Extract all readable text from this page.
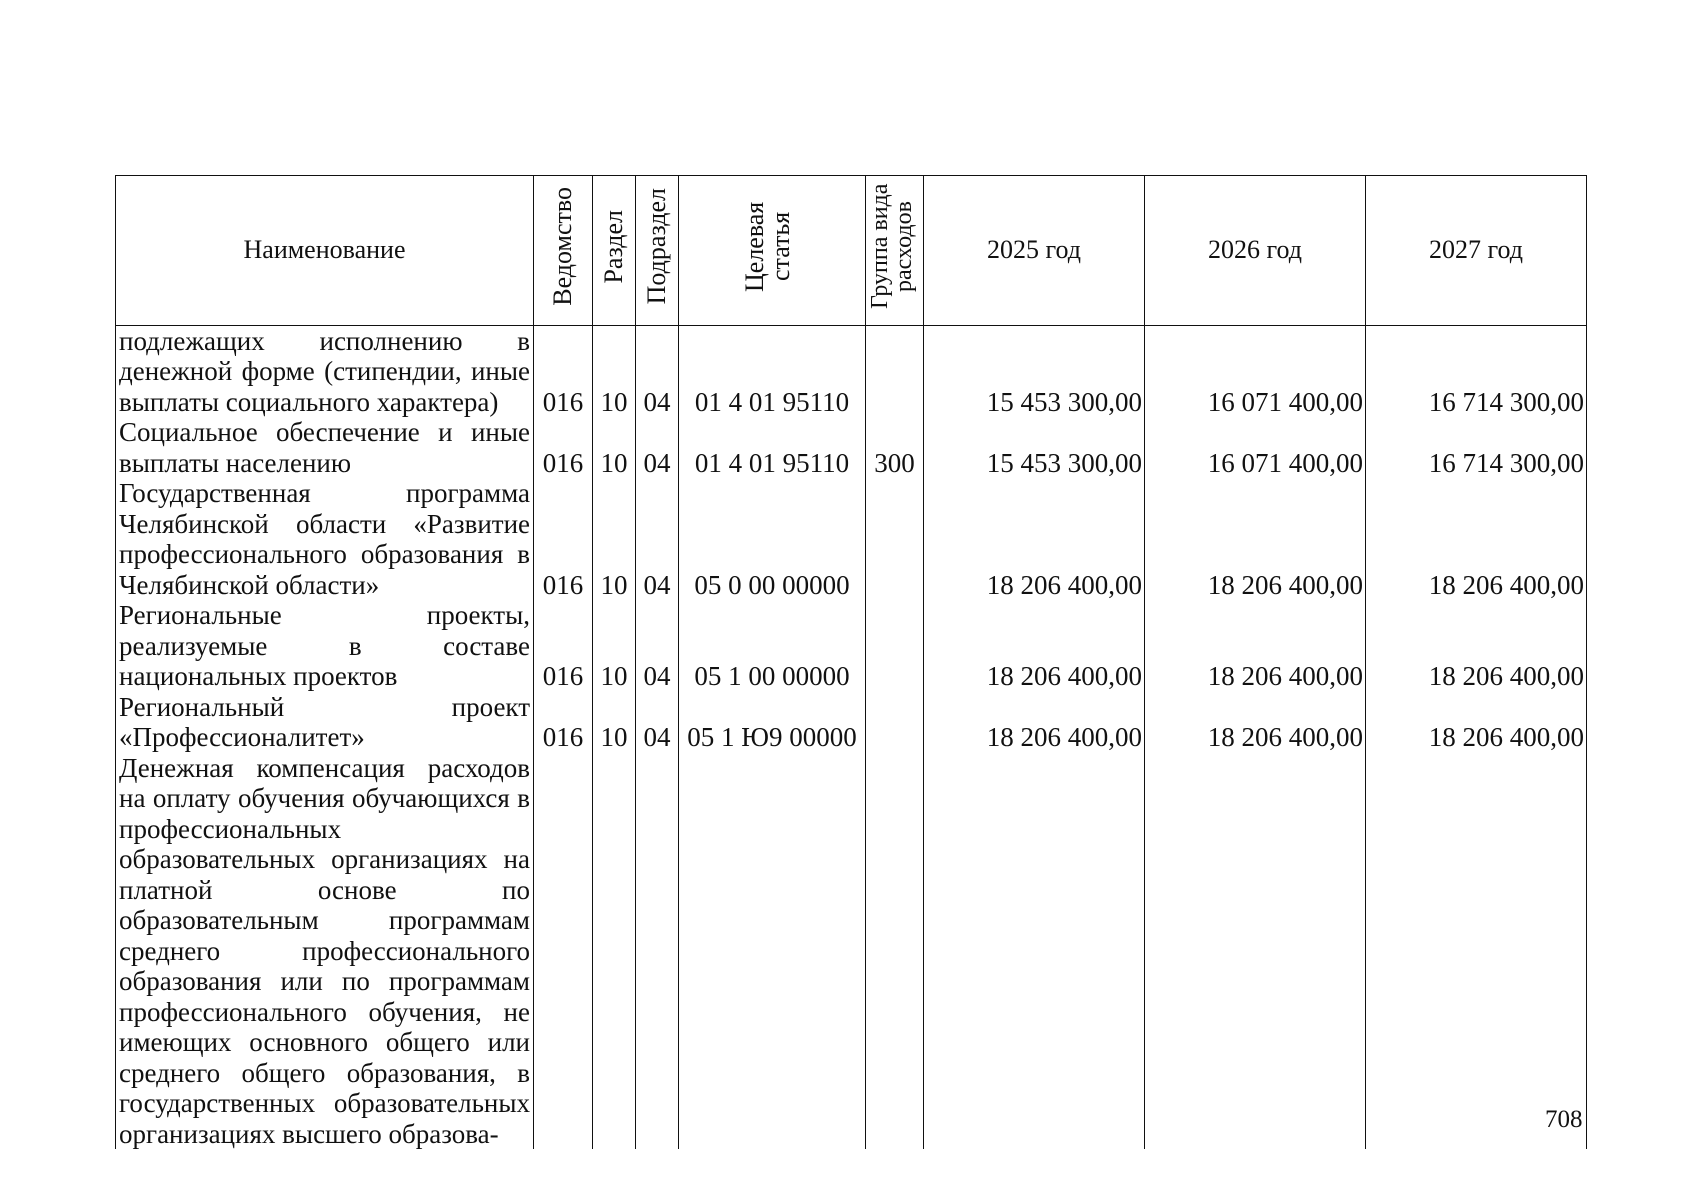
Наименование	Ведомство	Раздел	Подраздел	Целевая статья	Группа вида расходов	2025 год	2026 год	2027 год
подлежащих исполнению в денежной форме (стипендии, иные выплаты социального характера)	016	10	04	01 4 01 95110		15 453 300,00	16 071 400,00	16 714 300,00
Социальное обеспечение и иные выплаты населению	016	10	04	01 4 01 95110	300	15 453 300,00	16 071 400,00	16 714 300,00
Государственная программа Челябинской области «Развитие профессионального образования в Челябинской области»	016	10	04	05 0 00 00000		18 206 400,00	18 206 400,00	18 206 400,00
Региональные проекты, реализуемые в составе национальных проектов	016	10	04	05 1 00 00000		18 206 400,00	18 206 400,00	18 206 400,00
Региональный проект «Профессионалитет»	016	10	04	05 1 Ю9 00000		18 206 400,00	18 206 400,00	18 206 400,00
Денежная компенсация расходов на оплату обучения обучающихся в профессиональных образовательных организациях на платной основе по образовательным программам среднего профессионального образования или по программам профессионального обучения, не имеющих основного общего или среднего общего образования, в государственных образовательных организациях высшего образова-									708
